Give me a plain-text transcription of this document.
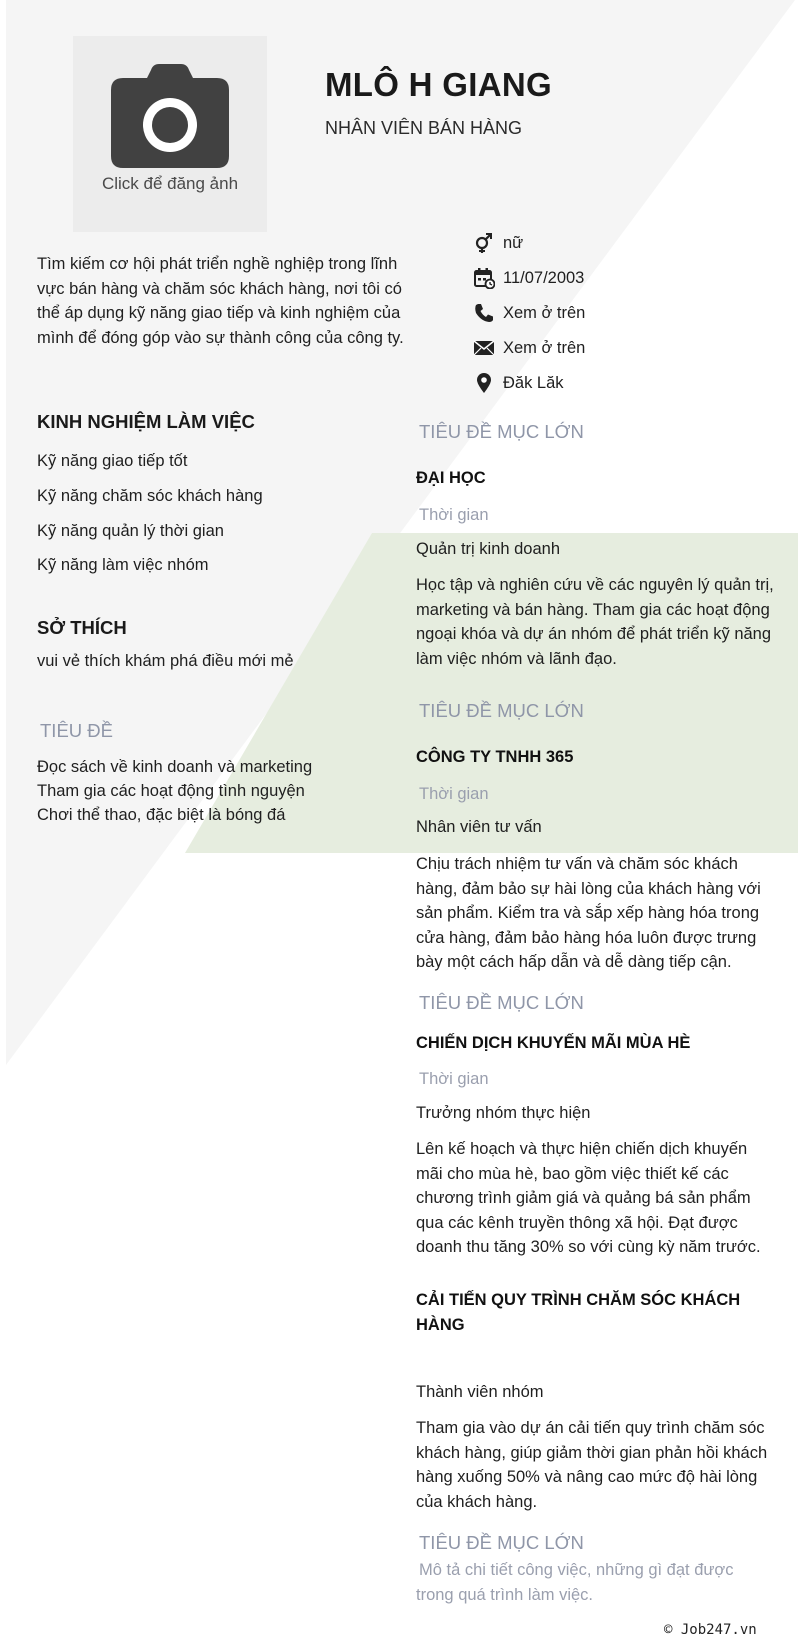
Click để đăng ảnh
MLÔ H GIANG
NHÂN VIÊN BÁN HÀNG
nữ
11/07/2003
Xem ở trên
Xem ở trên
Đăk Lăk
Tìm kiếm cơ hội phát triển nghề nghiệp trong lĩnh vực bán hàng và chăm sóc khách hàng, nơi tôi có thể áp dụng kỹ năng giao tiếp và kinh nghiệm của mình để đóng góp vào sự thành công của công ty.
KINH NGHIỆM LÀM VIỆC
Kỹ năng giao tiếp tốt
Kỹ năng chăm sóc khách hàng
Kỹ năng quản lý thời gian
Kỹ năng làm việc nhóm
SỞ THÍCH
vui vẻ thích khám phá điều mới mẻ
TIÊU ĐỀ
Đọc sách về kinh doanh và marketing
Tham gia các hoạt động tình nguyện
Chơi thể thao, đặc biệt là bóng đá
TIÊU ĐỀ MỤC LỚN
ĐẠI HỌC
Thời gian
Quản trị kinh doanh
Học tập và nghiên cứu về các nguyên lý quản trị, marketing và bán hàng. Tham gia các hoạt động ngoại khóa và dự án nhóm để phát triển kỹ năng làm việc nhóm và lãnh đạo.
TIÊU ĐỀ MỤC LỚN
CÔNG TY TNHH 365
Thời gian
Nhân viên tư vấn
Chịu trách nhiệm tư vấn và chăm sóc khách hàng, đảm bảo sự hài lòng của khách hàng với sản phẩm. Kiểm tra và sắp xếp hàng hóa trong cửa hàng, đảm bảo hàng hóa luôn được trưng bày một cách hấp dẫn và dễ dàng tiếp cận.
TIÊU ĐỀ MỤC LỚN
CHIẾN DỊCH KHUYẾN MÃI MÙA HÈ
Thời gian
Trưởng nhóm thực hiện
Lên kế hoạch và thực hiện chiến dịch khuyến mãi cho mùa hè, bao gồm việc thiết kế các chương trình giảm giá và quảng bá sản phẩm qua các kênh truyền thông xã hội. Đạt được doanh thu tăng 30% so với cùng kỳ năm trước.
CẢI TIẾN QUY TRÌNH CHĂM SÓC KHÁCH HÀNG
Thành viên nhóm
Tham gia vào dự án cải tiến quy trình chăm sóc khách hàng, giúp giảm thời gian phản hồi khách hàng xuống 50% và nâng cao mức độ hài lòng của khách hàng.
TIÊU ĐỀ MỤC LỚN
Mô tả chi tiết công việc, những gì đạt được trong quá trình làm việc.
© Job247.vn
